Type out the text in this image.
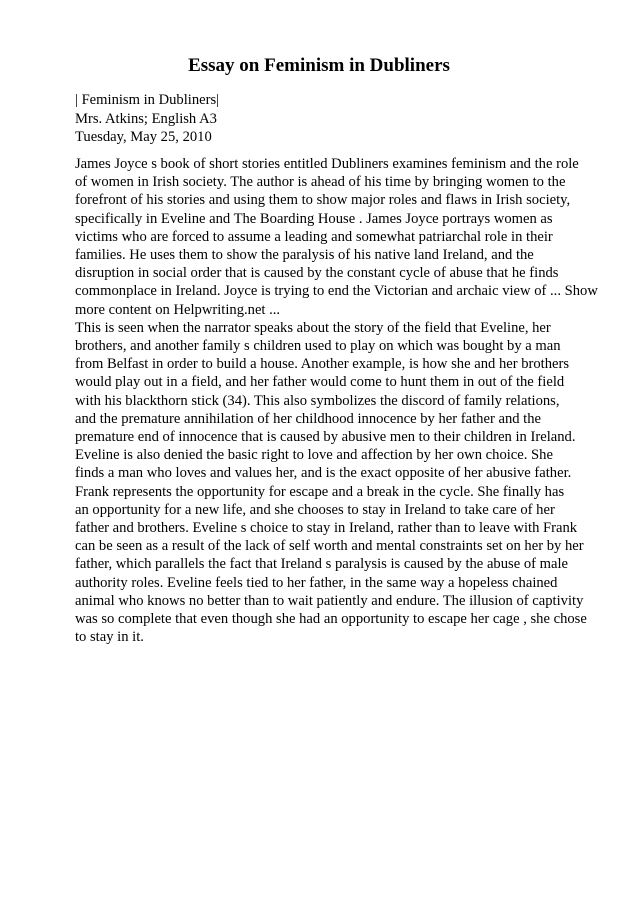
Essay on Feminism in Dubliners
| Feminism in Dubliners|
Mrs. Atkins; English A3
Tuesday, May 25, 2010
James Joyce s book of short stories entitled Dubliners examines feminism and the role
of women in Irish society. The author is ahead of his time by bringing women to the
forefront of his stories and using them to show major roles and flaws in Irish society,
specifically in Eveline and The Boarding House . James Joyce portrays women as
victims who are forced to assume a leading and somewhat patriarchal role in their
families. He uses them to show the paralysis of his native land Ireland, and the
disruption in social order that is caused by the constant cycle of abuse that he finds
commonplace in Ireland. Joyce is trying to end the Victorian and archaic view of ... Show
more content on Helpwriting.net ...
This is seen when the narrator speaks about the story of the field that Eveline, her
brothers, and another family s children used to play on which was bought by a man
from Belfast in order to build a house. Another example, is how she and her brothers
would play out in a field, and her father would come to hunt them in out of the field
with his blackthorn stick (34). This also symbolizes the discord of family relations,
and the premature annihilation of her childhood innocence by her father and the
premature end of innocence that is caused by abusive men to their children in Ireland.
Eveline is also denied the basic right to love and affection by her own choice. She
finds a man who loves and values her, and is the exact opposite of her abusive father.
Frank represents the opportunity for escape and a break in the cycle. She finally has
an opportunity for a new life, and she chooses to stay in Ireland to take care of her
father and brothers. Eveline s choice to stay in Ireland, rather than to leave with Frank
can be seen as a result of the lack of self worth and mental constraints set on her by her
father, which parallels the fact that Ireland s paralysis is caused by the abuse of male
authority roles. Eveline feels tied to her father, in the same way a hopeless chained
animal who knows no better than to wait patiently and endure. The illusion of captivity
was so complete that even though she had an opportunity to escape her cage , she chose
to stay in it.
